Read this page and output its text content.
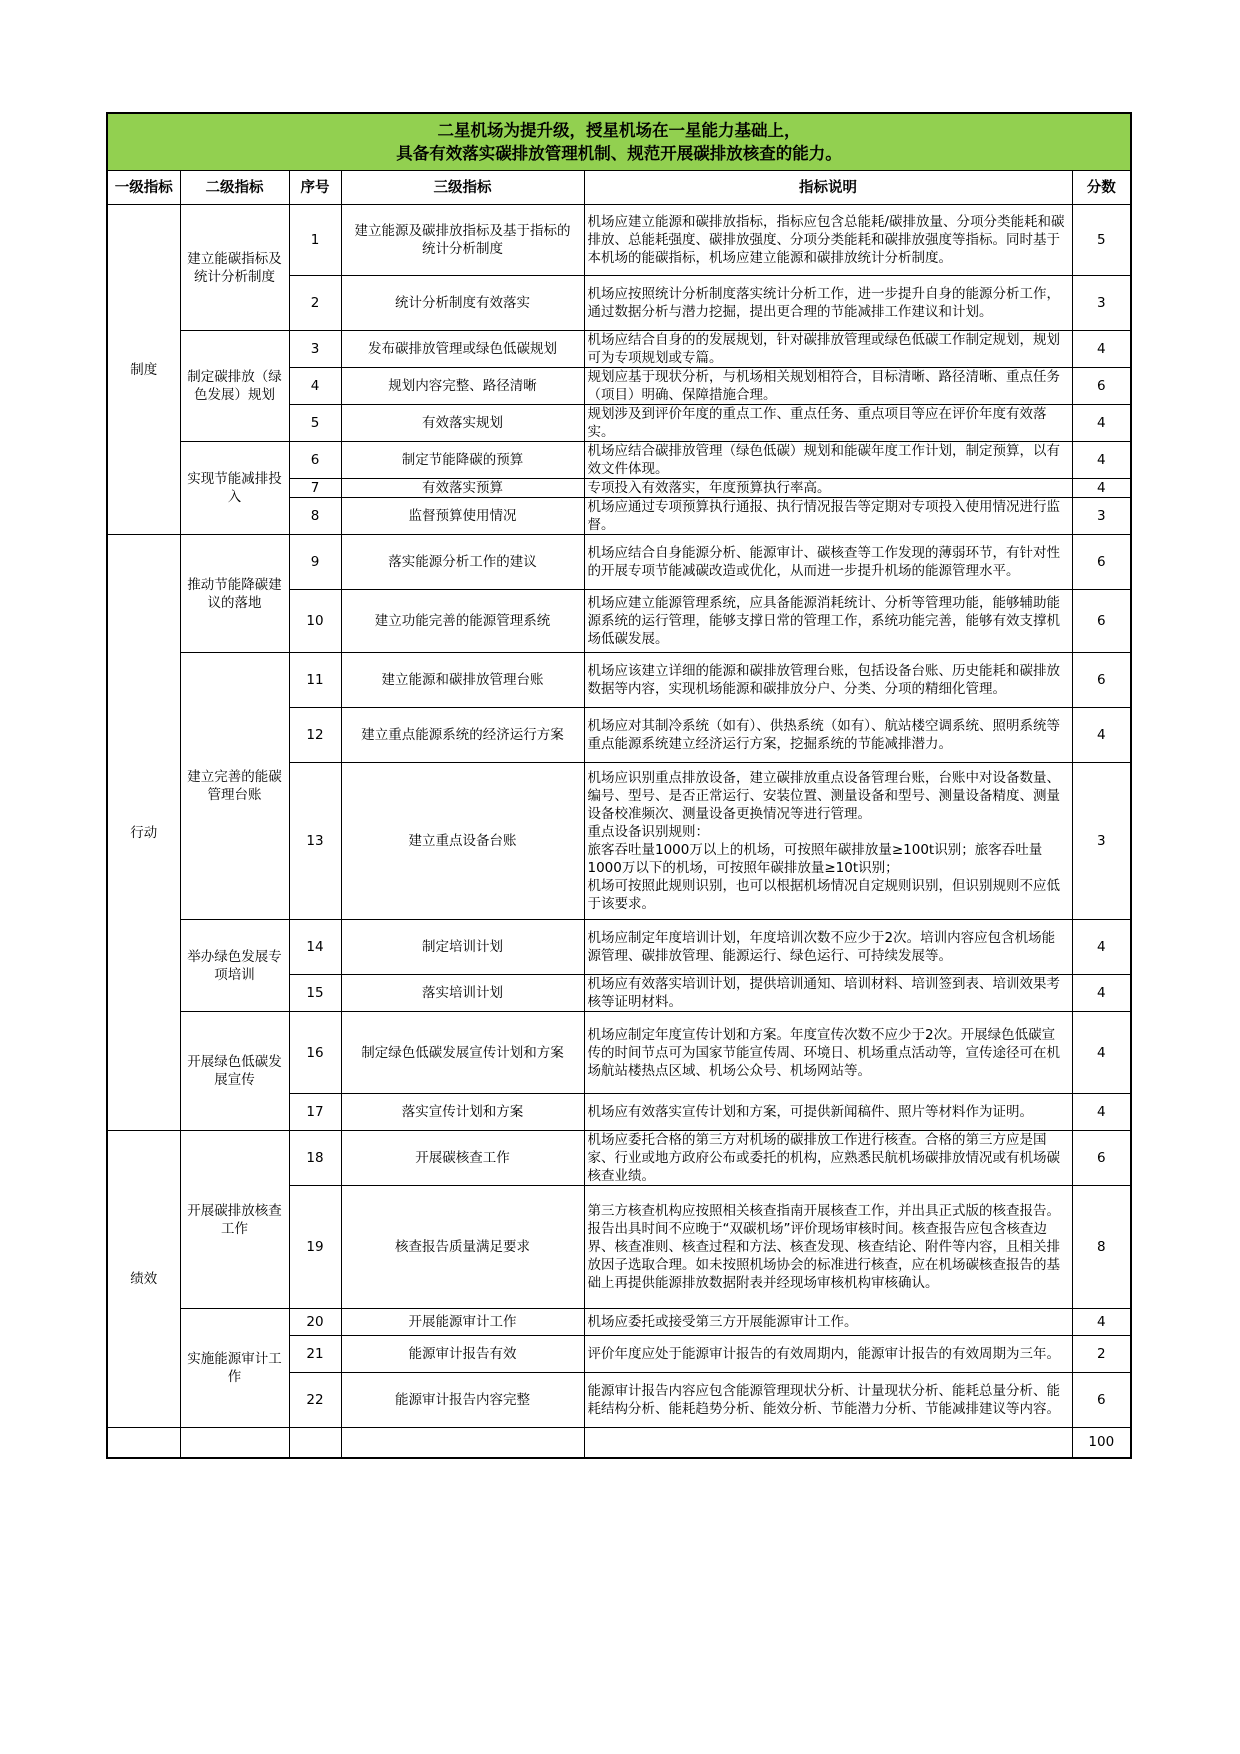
二星机场为提升级，授星机场在一星能力基础上，
具备有效落实碳排放管理机制、规范开展碳排放核查的能力。					

一级指标	二级指标	序号	三级指标	指标说明	分数
制度	建立能碳指标及统计分析制度	1	建立能源及碳排放指标及基于指标的统计分析制度	机场应建立能源和碳排放指标，指标应包含总能耗/碳排放量、分项分类能耗和碳排放、总能耗强度、碳排放强度、分项分类能耗和碳排放强度等指标。同时基于本机场的能碳指标，机场应建立能源和碳排放统计分析制度。	5
		2	统计分析制度有效落实	机场应按照统计分析制度落实统计分析工作，进一步提升自身的能源分析工作，通过数据分析与潜力挖掘，提出更合理的节能减排工作建议和计划。	3
	制定碳排放（绿色发展）规划	3	发布碳排放管理或绿色低碳规划	机场应结合自身的的发展规划，针对碳排放管理或绿色低碳工作制定规划，规划可为专项规划或专篇。	4
		4	规划内容完整、路径清晰	规划应基于现状分析，与机场相关规划相符合，目标清晰、路径清晰、重点任务（项目）明确、保障措施合理。	6
		5	有效落实规划	规划涉及到评价年度的重点工作、重点任务、重点项目等应在评价年度有效落实。	4
	实现节能减排投入	6	制定节能降碳的预算	机场应结合碳排放管理（绿色低碳）规划和能碳年度工作计划，制定预算，以有效文件体现。	4
		7	有效落实预算	专项投入有效落实，年度预算执行率高。	4
		8	监督预算使用情况	机场应通过专项预算执行通报、执行情况报告等定期对专项投入使用情况进行监督。	3
行动	推动节能降碳建议的落地	9	落实能源分析工作的建议	机场应结合自身能源分析、能源审计、碳核查等工作发现的薄弱环节，有针对性的开展专项节能减碳改造或优化，从而进一步提升机场的能源管理水平。	6
		10	建立功能完善的能源管理系统	机场应建立能源管理系统，应具备能源消耗统计、分析等管理功能，能够辅助能源系统的运行管理，能够支撑日常的管理工作，系统功能完善，能够有效支撑机场低碳发展。	6
	建立完善的能碳管理台账	11	建立能源和碳排放管理台账	机场应该建立详细的能源和碳排放管理台账，包括设备台账、历史能耗和碳排放数据等内容，实现机场能源和碳排放分户、分类、分项的精细化管理。	6
		12	建立重点能源系统的经济运行方案	机场应对其制冷系统（如有）、供热系统（如有）、航站楼空调系统、照明系统等重点能源系统建立经济运行方案，挖掘系统的节能减排潜力。	4
		13	建立重点设备台账	机场应识别重点排放设备，建立碳排放重点设备管理台账，台账中对设备数量、编号、型号、是否正常运行、安装位置、测量设备和型号、测量设备精度、测量设备校准频次、测量设备更换情况等进行管理。
重点设备识别规则：
旅客吞吐量1000万以上的机场，可按照年碳排放量≥100t识别；旅客吞吐量1000万以下的机场，可按照年碳排放量≥10t识别；
机场可按照此规则识别，也可以根据机场情况自定规则识别，但识别规则不应低于该要求。	3
	举办绿色发展专项培训	14	制定培训计划	机场应制定年度培训计划，年度培训次数不应少于2次。培训内容应包含机场能源管理、碳排放管理、能源运行、绿色运行、可持续发展等。	4
		15	落实培训计划	机场应有效落实培训计划，提供培训通知、培训材料、培训签到表、培训效果考核等证明材料。	4
	开展绿色低碳发展宣传	16	制定绿色低碳发展宣传计划和方案	机场应制定年度宣传计划和方案。年度宣传次数不应少于2次。开展绿色低碳宣传的时间节点可为国家节能宣传周、环境日、机场重点活动等，宣传途径可在机场航站楼热点区域、机场公众号、机场网站等。	4
		17	落实宣传计划和方案	机场应有效落实宣传计划和方案，可提供新闻稿件、照片等材料作为证明。	4
绩效	开展碳排放核查工作	18	开展碳核查工作	机场应委托合格的第三方对机场的碳排放工作进行核查。合格的第三方应是国家、行业或地方政府公布或委托的机构，应熟悉民航机场碳排放情况或有机场碳核查业绩。	6
		19	核查报告质量满足要求	第三方核查机构应按照相关核查指南开展核查工作，并出具正式版的核查报告。报告出具时间不应晚于“双碳机场”评价现场审核时间。核查报告应包含核查边界、核查准则、核查过程和方法、核查发现、核查结论、附件等内容，且相关排放因子选取合理。如未按照机场协会的标准进行核查，应在机场碳核查报告的基础上再提供能源排放数据附表并经现场审核机构审核确认。	8
	实施能源审计工作	20	开展能源审计工作	机场应委托或接受第三方开展能源审计工作。	4
		21	能源审计报告有效	评价年度应处于能源审计报告的有效周期内，能源审计报告的有效周期为三年。	2
		22	能源审计报告内容完整	能源审计报告内容应包含能源管理现状分析、计量现状分析、能耗总量分析、能耗结构分析、能耗趋势分析、能效分析、节能潜力分析、节能减排建议等内容。	6
					100
